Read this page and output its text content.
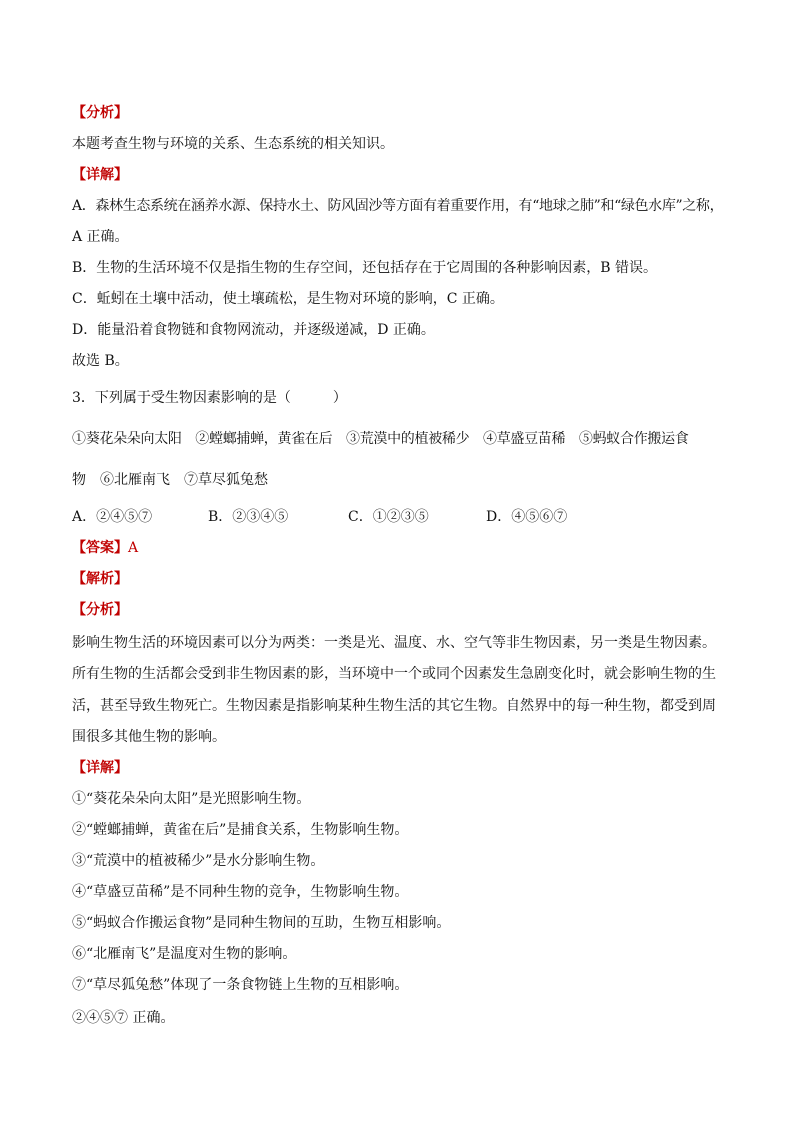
【分析】
本题考查生物与环境的关系、生态系统的相关知识。
【详解】
A．森林生态系统在涵养水源、保持水土、防风固沙等方面有着重要作用，有“地球之肺”和“绿色水库”之称，
A 正确。
B．生物的生活环境不仅是指生物的生存空间，还包括存在于它周围的各种影响因素，B 错误。
C．蚯蚓在土壤中活动，使土壤疏松，是生物对环境的影响，C 正确。
D．能量沿着食物链和食物网流动，并逐级递减，D 正确。
故选 B。
3．下列属于受生物因素影响的是（　　　）
①葵花朵朵向太阳　②螳螂捕蝉，黄雀在后　③荒漠中的植被稀少　④草盛豆苗稀　⑤蚂蚁合作搬运食
物　⑥北雁南飞　⑦草尽狐兔愁
A．②④⑤⑦	B．②③④⑤	C．①②③⑤	D．④⑤⑥⑦
【答案】A
【解析】
【分析】
影响生物生活的环境因素可以分为两类：一类是光、温度、水、空气等非生物因素，另一类是生物因素。
所有生物的生活都会受到非生物因素的影，当环境中一个或同个因素发生急剧变化时，就会影响生物的生
活，甚至导致生物死亡。生物因素是指影响某种生物生活的其它生物。自然界中的每一种生物，都受到周
围很多其他生物的影响。
【详解】
①“葵花朵朵向太阳”是光照影响生物。
②“螳螂捕蝉，黄雀在后”是捕食关系，生物影响生物。
③“荒漠中的植被稀少”是水分影响生物。
④“草盛豆苗稀”是不同种生物的竞争，生物影响生物。
⑤“蚂蚁合作搬运食物”是同种生物间的互助，生物互相影响。
⑥“北雁南飞”是温度对生物的影响。
⑦“草尽狐兔愁”体现了一条食物链上生物的互相影响。
②④⑤⑦ 正确。
